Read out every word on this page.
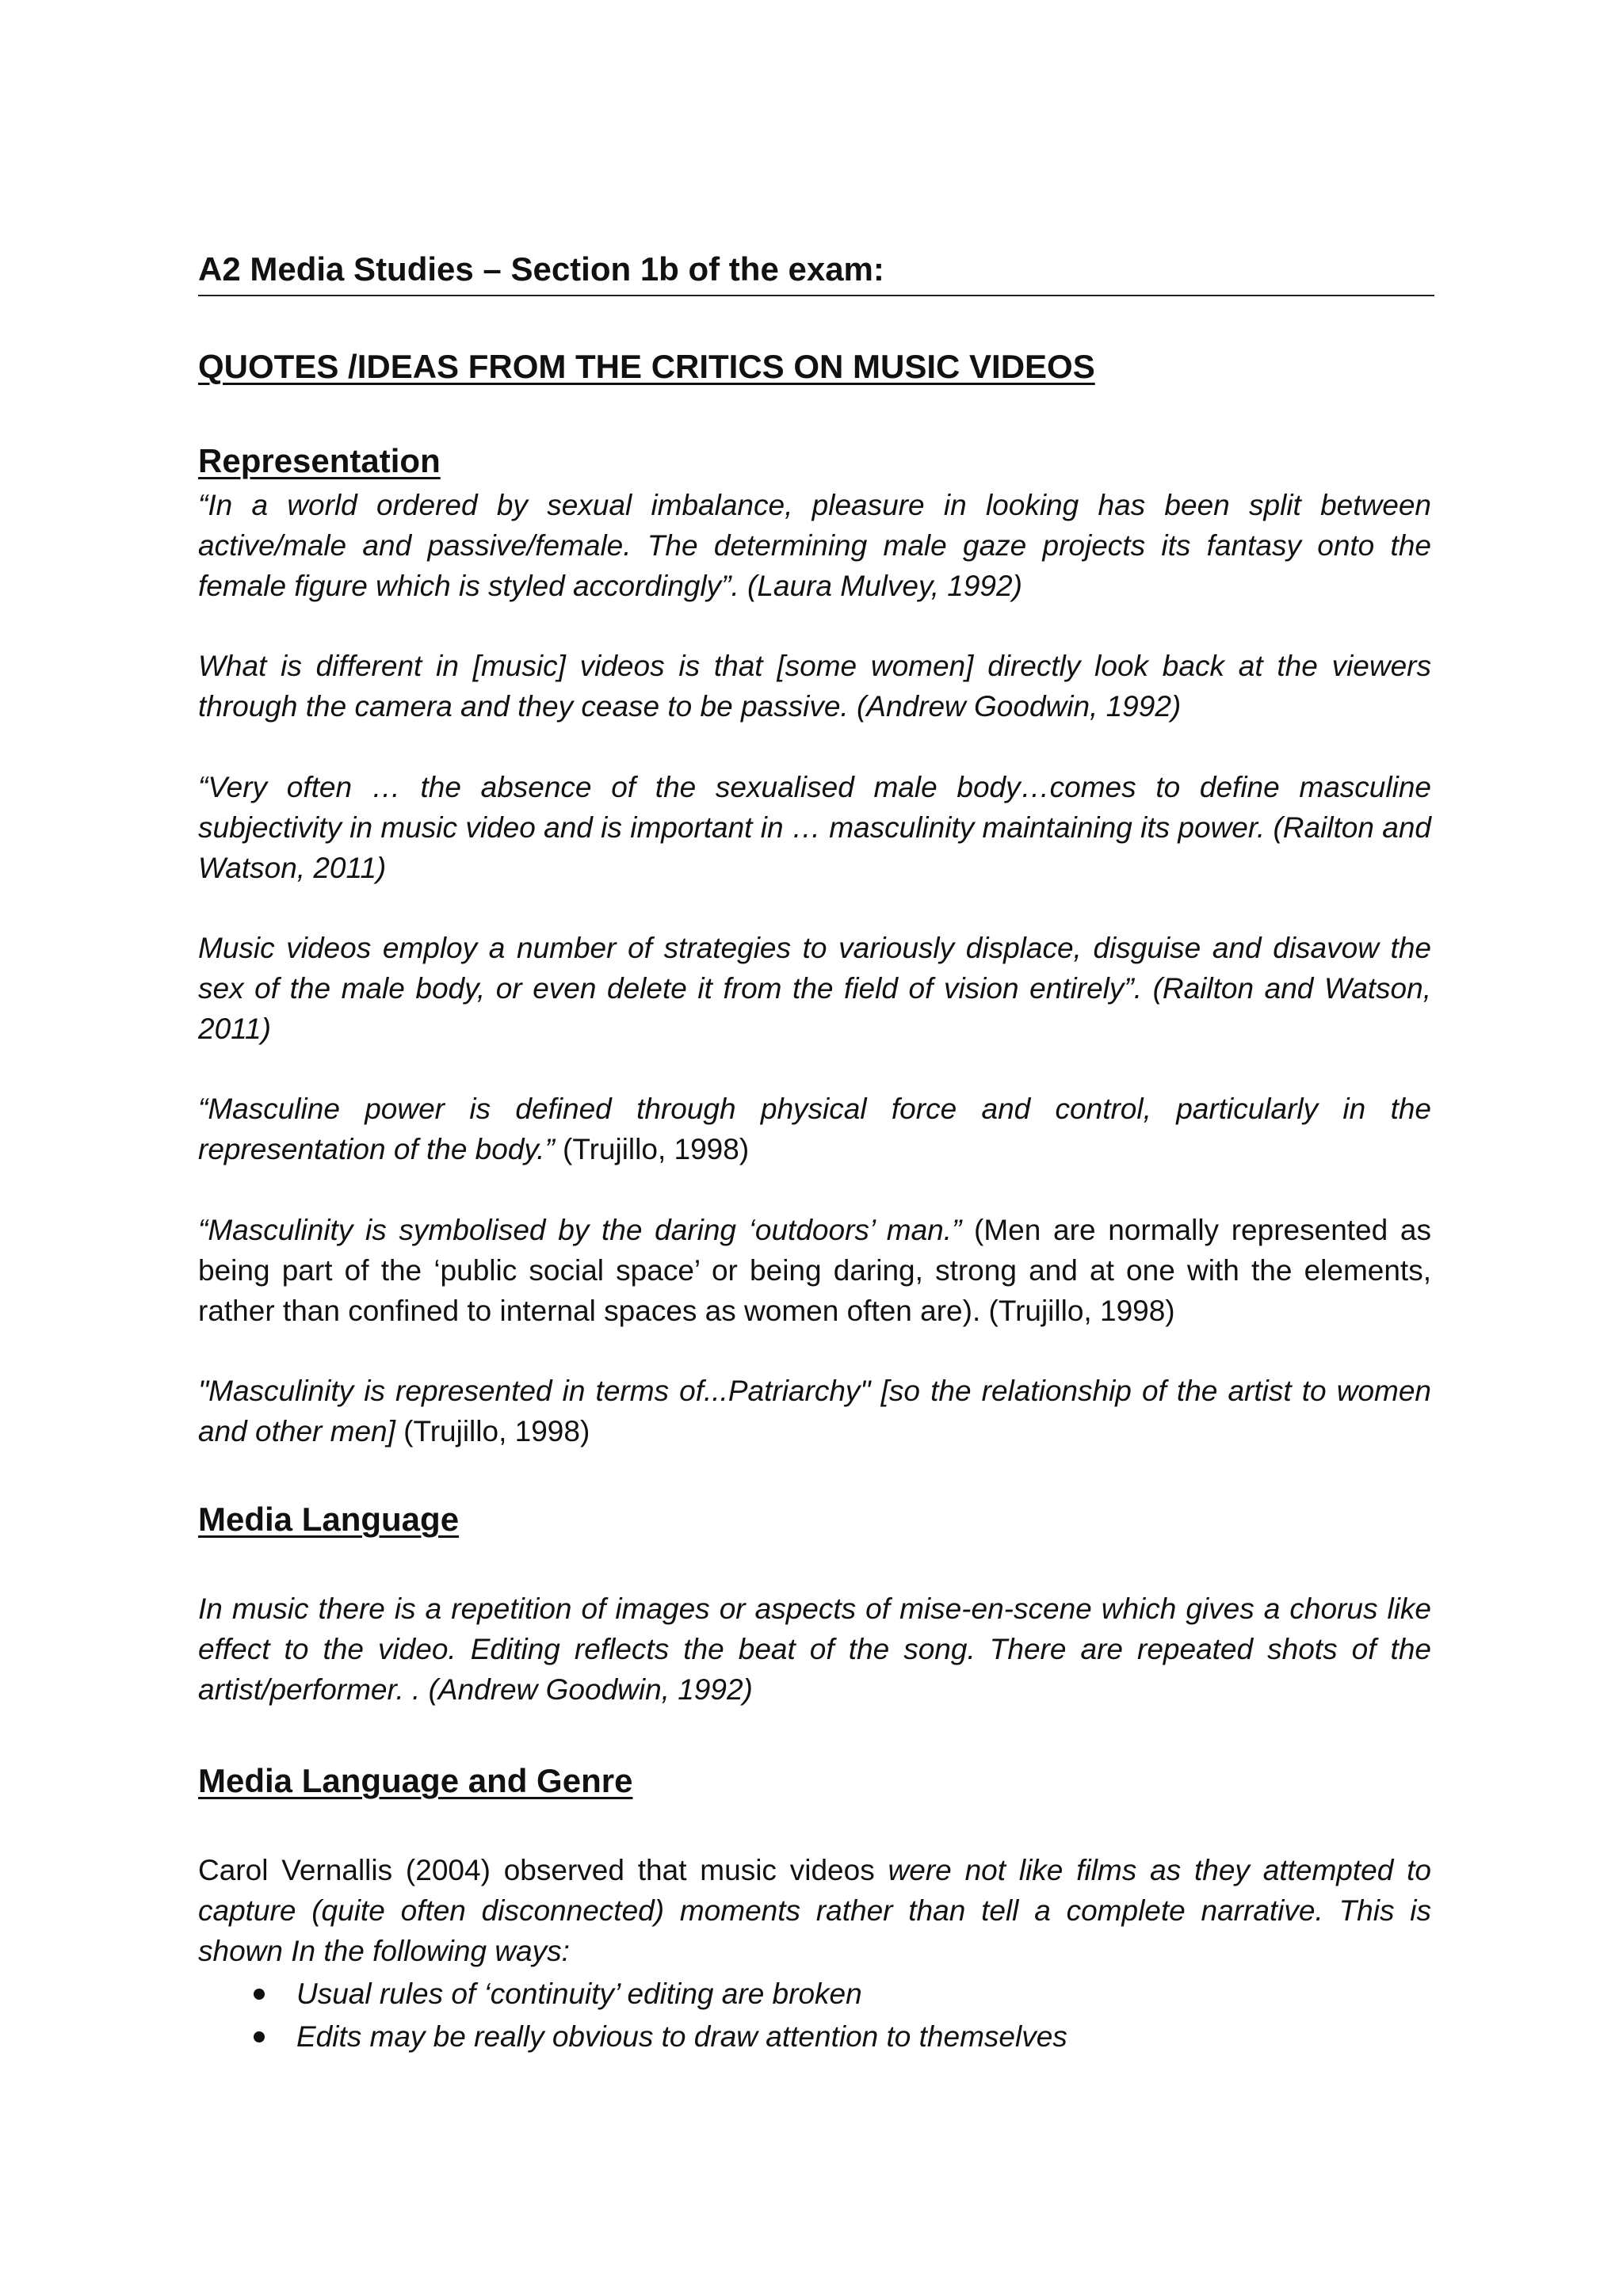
A2 Media Studies – Section 1b of the exam:
QUOTES /IDEAS FROM THE CRITICS ON MUSIC VIDEOS
Representation
“In a world ordered by sexual imbalance, pleasure in looking has been split between active/male and passive/female. The determining male gaze projects its fantasy onto the female figure which is styled accordingly”. (Laura Mulvey, 1992)
What is different in [music] videos is that [some women] directly look back at the viewers through the camera and they cease to be passive. (Andrew Goodwin, 1992)
“Very often … the absence of the sexualised male body…comes to define masculine subjectivity in music video and is important in … masculinity maintaining its power. (Railton and Watson, 2011)
Music videos employ a number of strategies to variously displace, disguise and disavow the sex of the male body, or even delete it from the field of vision entirely”. (Railton and Watson, 2011)
“Masculine power is defined through physical force and control, particularly in the representation of the body.” (Trujillo, 1998)
“Masculinity is symbolised by the daring ‘outdoors’ man.” (Men are normally represented as being part of the ‘public social space’ or being daring, strong and at one with the elements, rather than confined to internal spaces as women often are). (Trujillo, 1998)
"Masculinity is represented in terms of...Patriarchy" [so the relationship of the artist to women and other men] (Trujillo, 1998)
Media Language
In music there is a repetition of images or aspects of mise-en-scene which gives a chorus like effect to the video. Editing reflects the beat of the song. There are repeated shots of the artist/performer. . (Andrew Goodwin, 1992)
Media Language and Genre
Carol Vernallis (2004) observed that music videos were not like films as they attempted to capture (quite often disconnected) moments rather than tell a complete narrative. This is shown In the following ways:
Usual rules of ‘continuity’ editing are broken
Edits may be really obvious to draw attention to themselves
